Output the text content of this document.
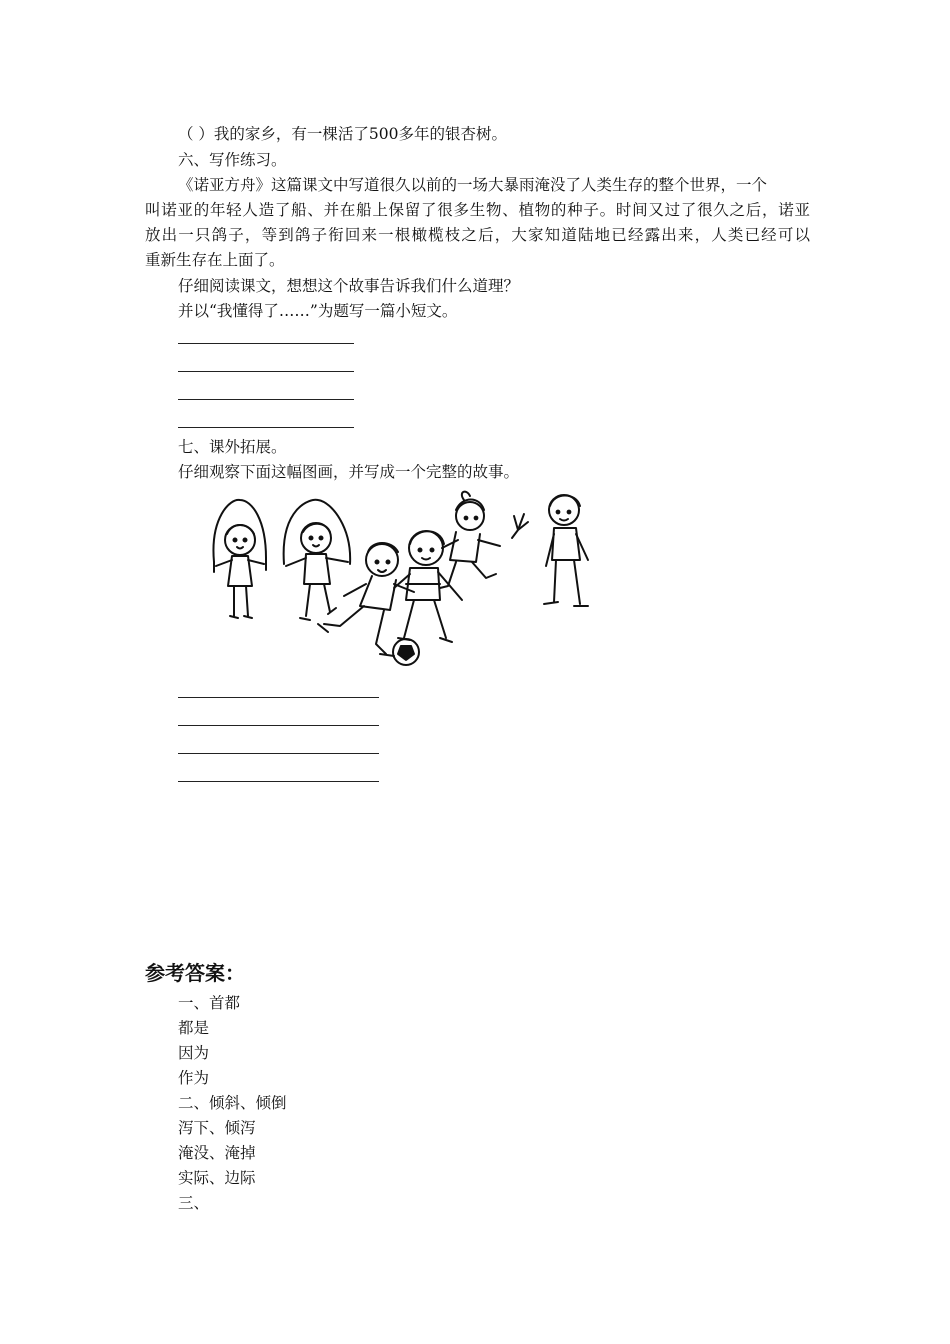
（ ）我的家乡，有一棵活了500多年的银杏树。
六、写作练习。
《诺亚方舟》这篇课文中写道很久以前的一场大暴雨淹没了人类生存的整个世界，一个
叫诺亚的年轻人造了船、并在船上保留了很多生物、植物的种子。时间又过了很久之后，诺亚
放出一只鸽子，等到鸽子衔回来一根橄榄枝之后，大家知道陆地已经露出来，人类已经可以
重新生存在上面了。
仔细阅读课文，想想这个故事告诉我们什么道理？
并以“我懂得了……”为题写一篇小短文。
七、课外拓展。
仔细观察下面这幅图画，并写成一个完整的故事。
参考答案：
一、首都
都是
因为
作为
二、倾斜、倾倒
泻下、倾泻
淹没、淹掉
实际、边际
三、
